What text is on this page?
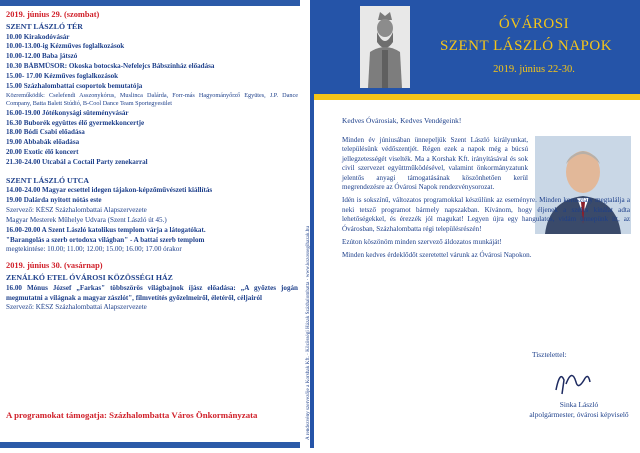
2019. június 29. (szombat)
SZENT LÁSZLÓ TÉR
10.00 Kirakodóvásár
10.00-13.00-ig Kézműves foglalkozások
10.00-12.00 Baba játszó
10.30 BÁBMŰSOR: Okoska botocska-Nefelejcs Bábszínház előadása
15.00- 17.00 Kézműves foglalkozások
15.00 Százhalombattai csoportok bemutatója
Közreműködik: Cselefendi Asszonykórus, Muslinca Dalárda, Forr-más Hagyományőrző Együtes, J.P. Dance Company, Batta Balett Stúdió, B-Cool Dance Team Sportegyesület
16.00-19.00 Jótékonysági süteményvásár
16.30 Buborék együttes élő gyermekkoncertje
18.00 Bódi Csabi előadása
19.00 Abbabák előadása
20.00 Exotic élő koncert
21.30-24.00 Utcabál a Coctail Party zenekarral
SZENT LÁSZLÓ UTCA
14.00-24.00 Magyar ecsettel idegen tájakon-képzőművészeti kiállítás
19.00 Dalárda nyitott nótás este
Szervező: KÉSZ Százhalombattai Alapszervezete
Magyar Mesterek Műhelye Udvara (Szent László út 45.)
16.00-20.00 A Szent László katolikus templom várja a látogatókat.
"Barangolás a szerb ortodoxa világban" - A battai szerb templom
megtekintése: 10.00; 11.00; 12.00; 15.00; 16.00; 17.00 órakor
2019. június 30. (vasárnap)
ZENÁLKÓ ETEL ÓVÁROSI KÖZÖSSÉGI HÁZ
16.00 Mónus József „Farkas" többszörös világbajnok íjász előadása: „A győztes jogán megmutatni a világnak a magyar zászlót", filmvetítés győzelmeiről, életéről, céljairól
Szervező: KÉSZ Százhalombattai Alapszervezete
A programokat támogatja: Százhalombatta Város Önkormányzata	A rendezvény szervezője a Korshak Kft. · Közösségi Házak Százhalombatta · www.kozossegihazak.hu
ÓVÁROSI
SZENT LÁSZLÓ NAPOK
2019. június 22-30.
Kedves Óvárosiak, Kedves Vendégeink!

Minden év júniusában ünnepeljük Szent László királyunkat, településünk védőszentjét. Régen ezek a napok még a búcsú jellegzetességét viselték. Ma a Korshak Kft. irányításával és sok civil szervezet együttműködésével, valamint önkormányzatunk jelentős anyagi támogatásának köszönhetően kerül megrendezésre az Óvárosi Napok rendezvénysorozat.

Idén is sokszínű, változatos programokkal készülünk az eseményre. Minden korosztály megtalálja a neki tetsző programot bármely napszakban. Kívánom, hogy éljenek a széles kínálat adta lehetőségekkel, és érezzék jól magukat! Legyen újra egy hangulatos, vidám ünnepünk itt, az Óvárosban, Százhalombatta régi településrészén!

Ezúton köszönöm minden szervező áldozatos munkáját!

Minden kedves érdeklődőt szeretettel várunk az Óvárosi Napokon.

Tisztelettel:
Sinka László
alpolgármester, óvárosi képviselő
